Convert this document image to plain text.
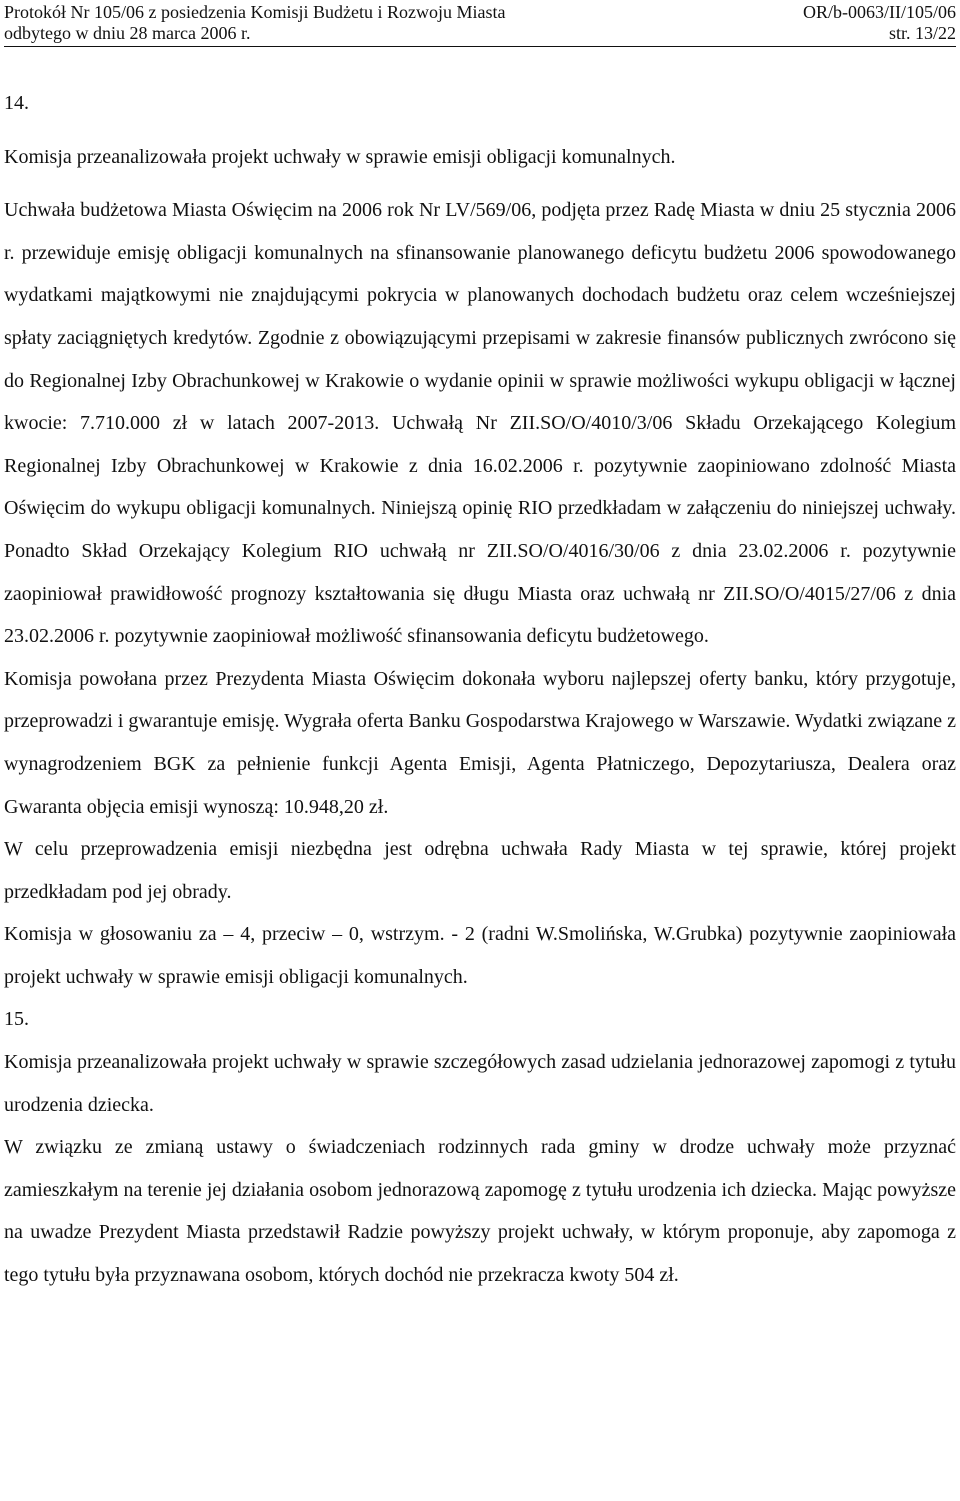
Protokół Nr 105/06 z posiedzenia Komisji Budżetu i Rozwoju Miasta	OR/b-0063/II/105/06
odbytego w dniu 28 marca 2006 r.	str. 13/22

14.

Komisja przeanalizowała projekt uchwały w sprawie emisji obligacji komunalnych.

Uchwała budżetowa Miasta Oświęcim na 2006 rok Nr LV/569/06, podjęta przez Radę Miasta w dniu 25 stycznia 2006 r. przewiduje emisję obligacji komunalnych na sfinansowanie planowanego deficytu budżetu 2006 spowodowanego wydatkami majątkowymi nie znajdującymi pokrycia w planowanych dochodach budżetu oraz celem wcześniejszej spłaty zaciągniętych kredytów. Zgodnie z obowiązującymi przepisami w zakresie finansów publicznych zwrócono się do Regionalnej Izby Obrachunkowej w Krakowie o wydanie opinii w sprawie możliwości wykupu obligacji w łącznej kwocie: 7.710.000 zł w latach 2007-2013. Uchwałą Nr ZII.SO/O/4010/3/06 Składu Orzekającego Kolegium Regionalnej Izby Obrachunkowej w Krakowie z dnia 16.02.2006 r. pozytywnie zaopiniowano zdolność Miasta Oświęcim do wykupu obligacji komunalnych. Niniejszą opinię RIO przedkładam w załączeniu do niniejszej uchwały. Ponadto Skład Orzekający Kolegium RIO uchwałą nr ZII.SO/O/4016/30/06 z dnia 23.02.2006 r. pozytywnie zaopiniował prawidłowość prognozy kształtowania się długu Miasta oraz uchwałą nr ZII.SO/O/4015/27/06 z dnia 23.02.2006 r. pozytywnie zaopiniował możliwość sfinansowania deficytu budżetowego.

Komisja powołana przez Prezydenta Miasta Oświęcim dokonała wyboru najlepszej oferty banku, który przygotuje, przeprowadzi i gwarantuje emisję. Wygrała oferta Banku Gospodarstwa Krajowego w Warszawie. Wydatki związane z wynagrodzeniem BGK za pełnienie funkcji Agenta Emisji, Agenta Płatniczego, Depozytariusza, Dealera oraz Gwaranta objęcia emisji wynoszą: 10.948,20 zł.

W celu przeprowadzenia emisji niezbędna jest odrębna uchwała Rady Miasta w tej sprawie, której projekt przedkładam pod jej obrady.

Komisja w głosowaniu za – 4, przeciw – 0, wstrzym. - 2 (radni W.Smolińska, W.Grubka) pozytywnie zaopiniowała projekt uchwały w sprawie emisji obligacji komunalnych.

15.

Komisja przeanalizowała projekt uchwały w sprawie szczegółowych zasad udzielania jednorazowej zapomogi z tytułu urodzenia dziecka.

W związku ze zmianą ustawy o świadczeniach rodzinnych rada gminy w drodze uchwały może przyznać zamieszkałym na terenie jej działania osobom jednorazową zapomogę z tytułu urodzenia ich dziecka. Mając powyższe na uwadze Prezydent Miasta przedstawił Radzie powyższy projekt uchwały, w którym proponuje, aby zapomoga z tego tytułu była przyznawana osobom, których dochód nie przekracza kwoty 504 zł.
